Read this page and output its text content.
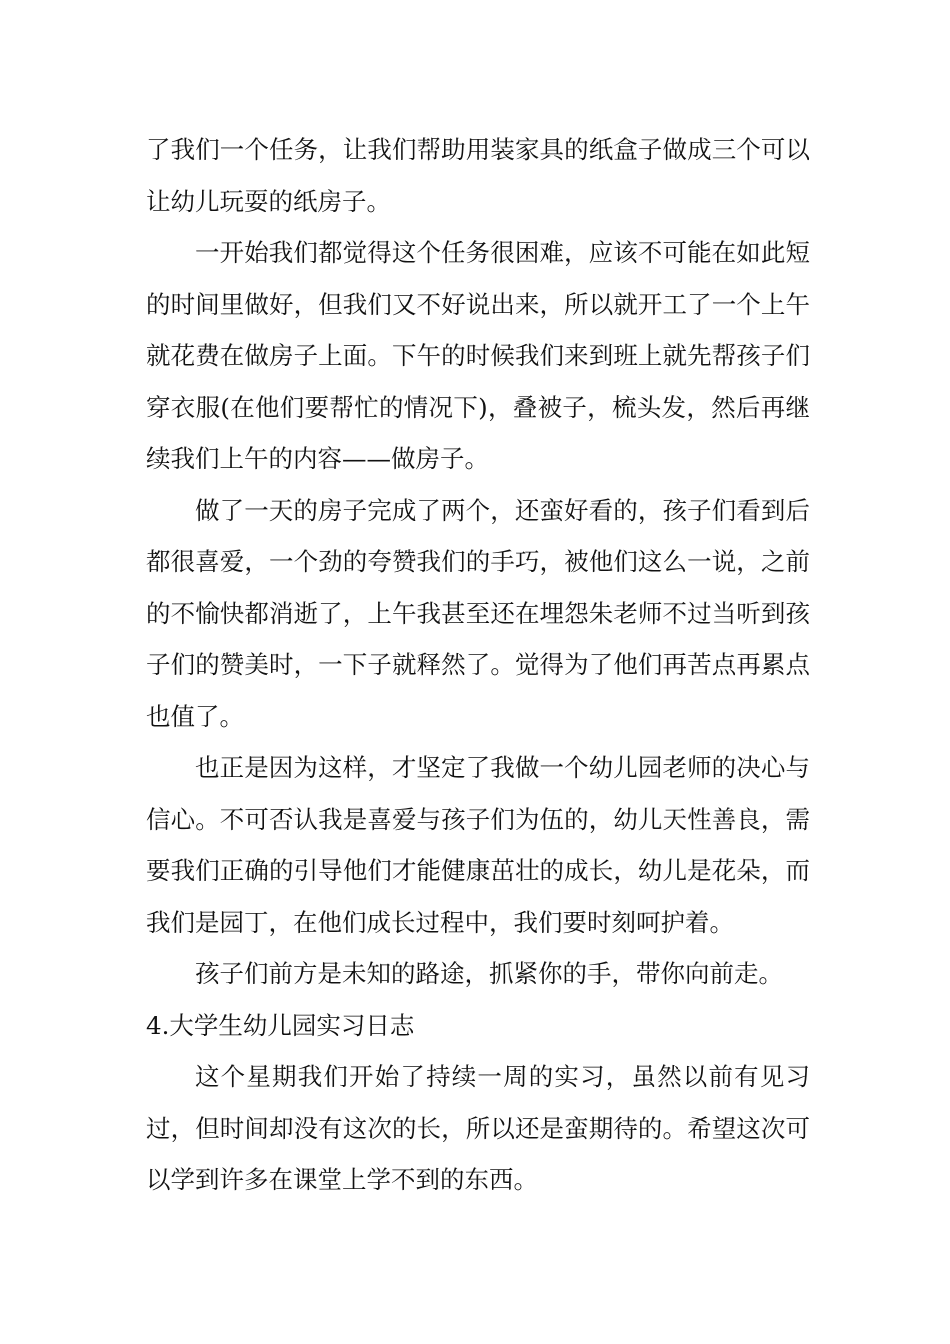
了我们一个任务，让我们帮助用装家具的纸盒子做成三个可以让幼儿玩耍的纸房子。

一开始我们都觉得这个任务很困难，应该不可能在如此短的时间里做好，但我们又不好说出来，所以就开工了一个上午就花费在做房子上面。下午的时候我们来到班上就先帮孩子们穿衣服(在他们要帮忙的情况下)，叠被子，梳头发，然后再继续我们上午的内容——做房子。

做了一天的房子完成了两个，还蛮好看的，孩子们看到后都很喜爱，一个劲的夸赞我们的手巧，被他们这么一说，之前的不愉快都消逝了，上午我甚至还在埋怨朱老师不过当听到孩子们的赞美时，一下子就释然了。觉得为了他们再苦点再累点也值了。

也正是因为这样，才坚定了我做一个幼儿园老师的决心与信心。不可否认我是喜爱与孩子们为伍的，幼儿天性善良，需要我们正确的引导他们才能健康茁壮的成长，幼儿是花朵，而我们是园丁，在他们成长过程中，我们要时刻呵护着。

孩子们前方是未知的路途，抓紧你的手，带你向前走。

4.大学生幼儿园实习日志

这个星期我们开始了持续一周的实习，虽然以前有见习过，但时间却没有这次的长，所以还是蛮期待的。希望这次可以学到许多在课堂上学不到的东西。
